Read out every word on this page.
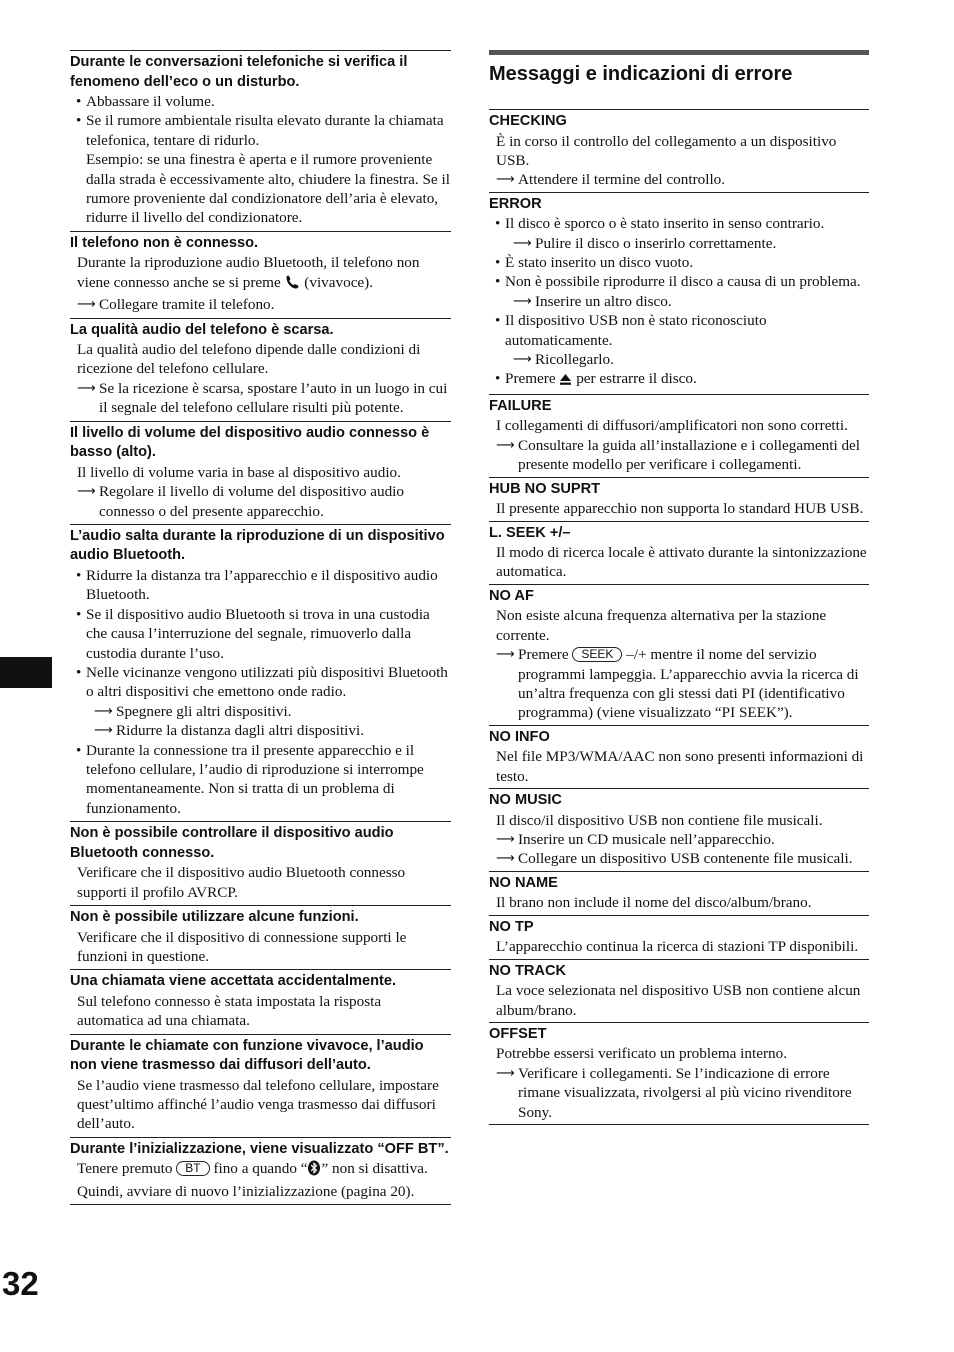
Durante le conversazioni telefoniche si verifica il fenomeno dell’eco o un disturbo.

• Abbassare il volume.

• Se il rumore ambientale risulta elevato durante la chiamata telefonica, tentare di ridurlo.

Esempio: se una finestra è aperta e il rumore proveniente dalla strada è eccessivamente alto, chiudere la finestra. Se il rumore proveniente dal condizionatore dell’aria è elevato, ridurre il livello del condizionatore.

Il telefono non è connesso.

Durante la riproduzione audio Bluetooth, il telefono non viene connesso anche se si preme (vivavoce).

⟶ Collegare tramite il telefono.

La qualità audio del telefono è scarsa.

La qualità audio del telefono dipende dalle condizioni di ricezione del telefono cellulare.

⟶ Se la ricezione è scarsa, spostare l’auto in un luogo in cui il segnale del telefono cellulare risulti più potente.

Il livello di volume del dispositivo audio connesso è basso (alto).

Il livello di volume varia in base al dispositivo audio.

⟶ Regolare il livello di volume del dispositivo audio connesso o del presente apparecchio.

L’audio salta durante la riproduzione di un dispositivo audio Bluetooth.

• Ridurre la distanza tra l’apparecchio e il dispositivo audio Bluetooth.

• Se il dispositivo audio Bluetooth si trova in una custodia che causa l’interruzione del segnale, rimuoverlo dalla custodia durante l’uso.

• Nelle vicinanze vengono utilizzati più dispositivi Bluetooth o altri dispositivi che emettono onde radio.

⟶ Spegnere gli altri dispositivi.

⟶ Ridurre la distanza dagli altri dispositivi.

• Durante la connessione tra il presente apparecchio e il telefono cellulare, l’audio di riproduzione si interrompe momentaneamente. Non si tratta di un problema di funzionamento.

Non è possibile controllare il dispositivo audio Bluetooth connesso.

Verificare che il dispositivo audio Bluetooth connesso supporti il profilo AVRCP.

Non è possibile utilizzare alcune funzioni.

Verificare che il dispositivo di connessione supporti le funzioni in questione.

Una chiamata viene accettata accidentalmente.

Sul telefono connesso è stata impostata la risposta automatica ad una chiamata.

Durante le chiamate con funzione vivavoce, l’audio non viene trasmesso dai diffusori dell’auto.

Se l’audio viene trasmesso dal telefono cellulare, impostare quest’ultimo affinché l’audio venga trasmesso dai diffusori dell’auto.

Durante l’inizializzazione, viene visualizzato “OFF BT”.

Tenere premuto BT fino a quando “ ” non si disattiva. Quindi, avviare di nuovo l’inizializzazione (pagina 20).

Messaggi e indicazioni di errore

CHECKING

È in corso il controllo del collegamento a un dispositivo USB.

⟶ Attendere il termine del controllo.

ERROR

• Il disco è sporco o è stato inserito in senso contrario.

⟶ Pulire il disco o inserirlo correttamente.

• È stato inserito un disco vuoto.

• Non è possibile riprodurre il disco a causa di un problema.

⟶ Inserire un altro disco.

• Il dispositivo USB non è stato riconosciuto automaticamente.

⟶ Ricollegarlo.

• Premere per estrarre il disco.

FAILURE

I collegamenti di diffusori/amplificatori non sono corretti.

⟶ Consultare la guida all’installazione e i collegamenti del presente modello per verificare i collegamenti.

HUB NO SUPRT

Il presente apparecchio non supporta lo standard HUB USB.

L. SEEK +/–

Il modo di ricerca locale è attivato durante la sintonizzazione automatica.

NO AF

Non esiste alcuna frequenza alternativa per la stazione corrente.

⟶ Premere SEEK –/+ mentre il nome del servizio programmi lampeggia. L’apparecchio avvia la ricerca di un’altra frequenza con gli stessi dati PI (identificativo programma) (viene visualizzato “PI SEEK”).

NO INFO

Nel file MP3/WMA/AAC non sono presenti informazioni di testo.

NO MUSIC

Il disco/il dispositivo USB non contiene file musicali.

⟶ Inserire un CD musicale nell’apparecchio.

⟶ Collegare un dispositivo USB contenente file musicali.

NO NAME

Il brano non include il nome del disco/album/brano.

NO TP

L’apparecchio continua la ricerca di stazioni TP disponibili.

NO TRACK

La voce selezionata nel dispositivo USB non contiene alcun album/brano.

OFFSET

Potrebbe essersi verificato un problema interno.

⟶ Verificare i collegamenti. Se l’indicazione di errore rimane visualizzata, rivolgersi al più vicino rivenditore Sony.

32
